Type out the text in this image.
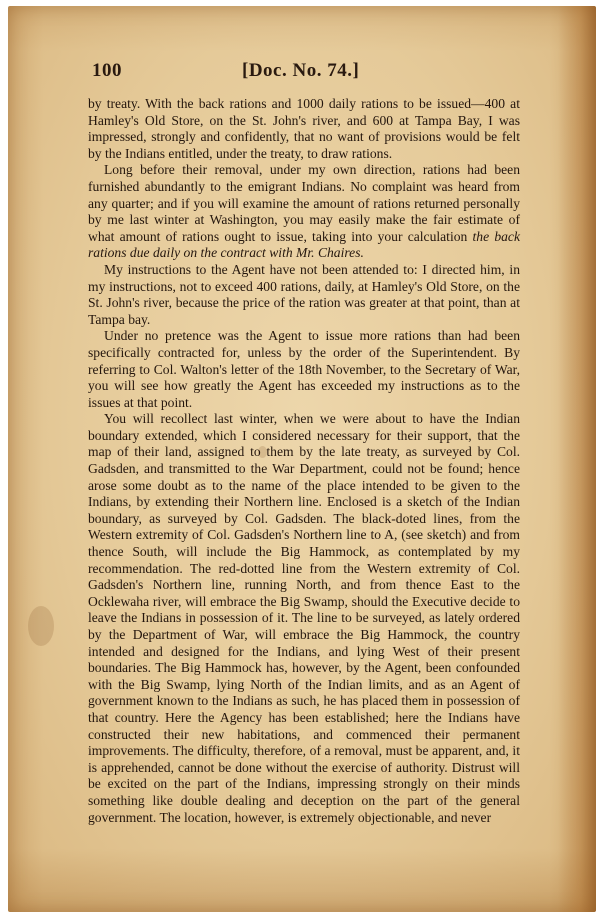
100	[Doc. No. 74.]

by treaty. With the back rations and 1000 daily rations to be issued—400 at Hamley's Old Store, on the St. John's river, and 600 at Tampa Bay, I was impressed, strongly and confidently, that no want of provisions would be felt by the Indians entitled, under the treaty, to draw rations.

Long before their removal, under my own direction, rations had been furnished abundantly to the emigrant Indians. No complaint was heard from any quarter; and if you will examine the amount of rations returned personally by me last winter at Washington, you may easily make the fair estimate of what amount of rations ought to issue, taking into your calculation the back rations due daily on the contract with Mr. Chaires.

My instructions to the Agent have not been attended to: I directed him, in my instructions, not to exceed 400 rations, daily, at Hamley's Old Store, on the St. John's river, because the price of the ration was greater at that point, than at Tampa bay.

Under no pretence was the Agent to issue more rations than had been specifically contracted for, unless by the order of the Superintendent. By referring to Col. Walton's letter of the 18th November, to the Secretary of War, you will see how greatly the Agent has exceeded my instructions as to the issues at that point.

You will recollect last winter, when we were about to have the Indian boundary extended, which I considered necessary for their support, that the map of their land, assigned to them by the late treaty, as surveyed by Col. Gadsden, and transmitted to the War Department, could not be found; hence arose some doubt as to the name of the place intended to be given to the Indians, by extending their Northern line. Enclosed is a sketch of the Indian boundary, as surveyed by Col. Gadsden. The black-doted lines, from the Western extremity of Col. Gadsden's Northern line to A, (see sketch) and from thence South, will include the Big Hammock, as contemplated by my recommendation. The red-dotted line from the Western extremity of Col. Gadsden's Northern line, running North, and from thence East to the Ocklewaha river, will embrace the Big Swamp, should the Executive decide to leave the Indians in possession of it. The line to be surveyed, as lately ordered by the Department of War, will embrace the Big Hammock, the country intended and designed for the Indians, and lying West of their present boundaries. The Big Hammock has, however, by the Agent, been confounded with the Big Swamp, lying North of the Indian limits, and as an Agent of government known to the Indians as such, he has placed them in possession of that country. Here the Agency has been established; here the Indians have constructed their new habitations, and commenced their permanent improvements. The difficulty, therefore, of a removal, must be apparent, and, it is apprehended, cannot be done without the exercise of authority. Distrust will be excited on the part of the Indians, impressing strongly on their minds something like double dealing and deception on the part of the general government. The location, however, is extremely objectionable, and never
